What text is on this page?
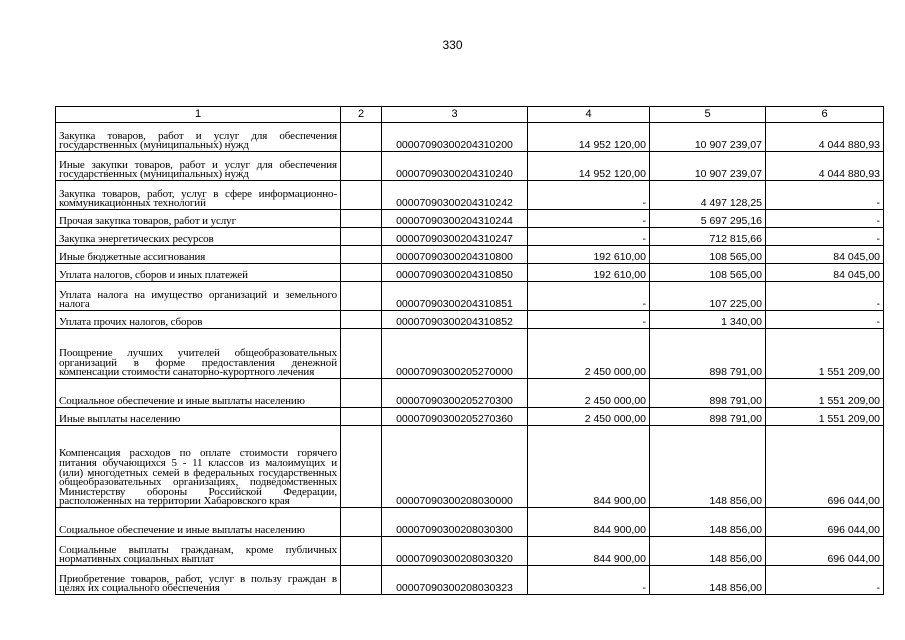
330
1	2	3	4	5	6
Закупка товаров, работ и услуг для обеспечения государственных (муниципальных) нужд		00007090300204310200	14 952 120,00	10 907 239,07	4 044 880,93
Иные закупки товаров, работ и услуг для обеспечения государственных (муниципальных) нужд		00007090300204310240	14 952 120,00	10 907 239,07	4 044 880,93
Закупка товаров, работ, услуг в сфере информационно-коммуникационных технологий		00007090300204310242	-	4 497 128,25	-
Прочая закупка товаров, работ и услуг		00007090300204310244	-	5 697 295,16	-
Закупка энергетических ресурсов		00007090300204310247	-	712 815,66	-
Иные бюджетные ассигнования		00007090300204310800	192 610,00	108 565,00	84 045,00
Уплата налогов, сборов и иных платежей		00007090300204310850	192 610,00	108 565,00	84 045,00
Уплата налога на имущество организаций и земельного налога		00007090300204310851	-	107 225,00	-
Уплата прочих налогов, сборов		00007090300204310852	-	1 340,00	-
Поощрение лучших учителей общеобразовательных организаций в форме предоставления денежной компенсации стоимости санаторно-курортного лечения		00007090300205270000	2 450 000,00	898 791,00	1 551 209,00
Социальное обеспечение и иные выплаты населению		00007090300205270300	2 450 000,00	898 791,00	1 551 209,00
Иные выплаты населению		00007090300205270360	2 450 000,00	898 791,00	1 551 209,00
Компенсация расходов по оплате стоимости горячего питания обучающихся 5 - 11 классов из малоимущих и (или) многодетных семей в федеральных государственных общеобразовательных организациях, подведомственных Министерству обороны Российской Федерации, расположенных на территории Хабаровского края		00007090300208030000	844 900,00	148 856,00	696 044,00
Социальное обеспечение и иные выплаты населению		00007090300208030300	844 900,00	148 856,00	696 044,00
Социальные выплаты гражданам, кроме публичных нормативных социальных выплат		00007090300208030320	844 900,00	148 856,00	696 044,00
Приобретение товаров, работ, услуг в пользу граждан в целях их социального обеспечения		00007090300208030323	-	148 856,00	-
